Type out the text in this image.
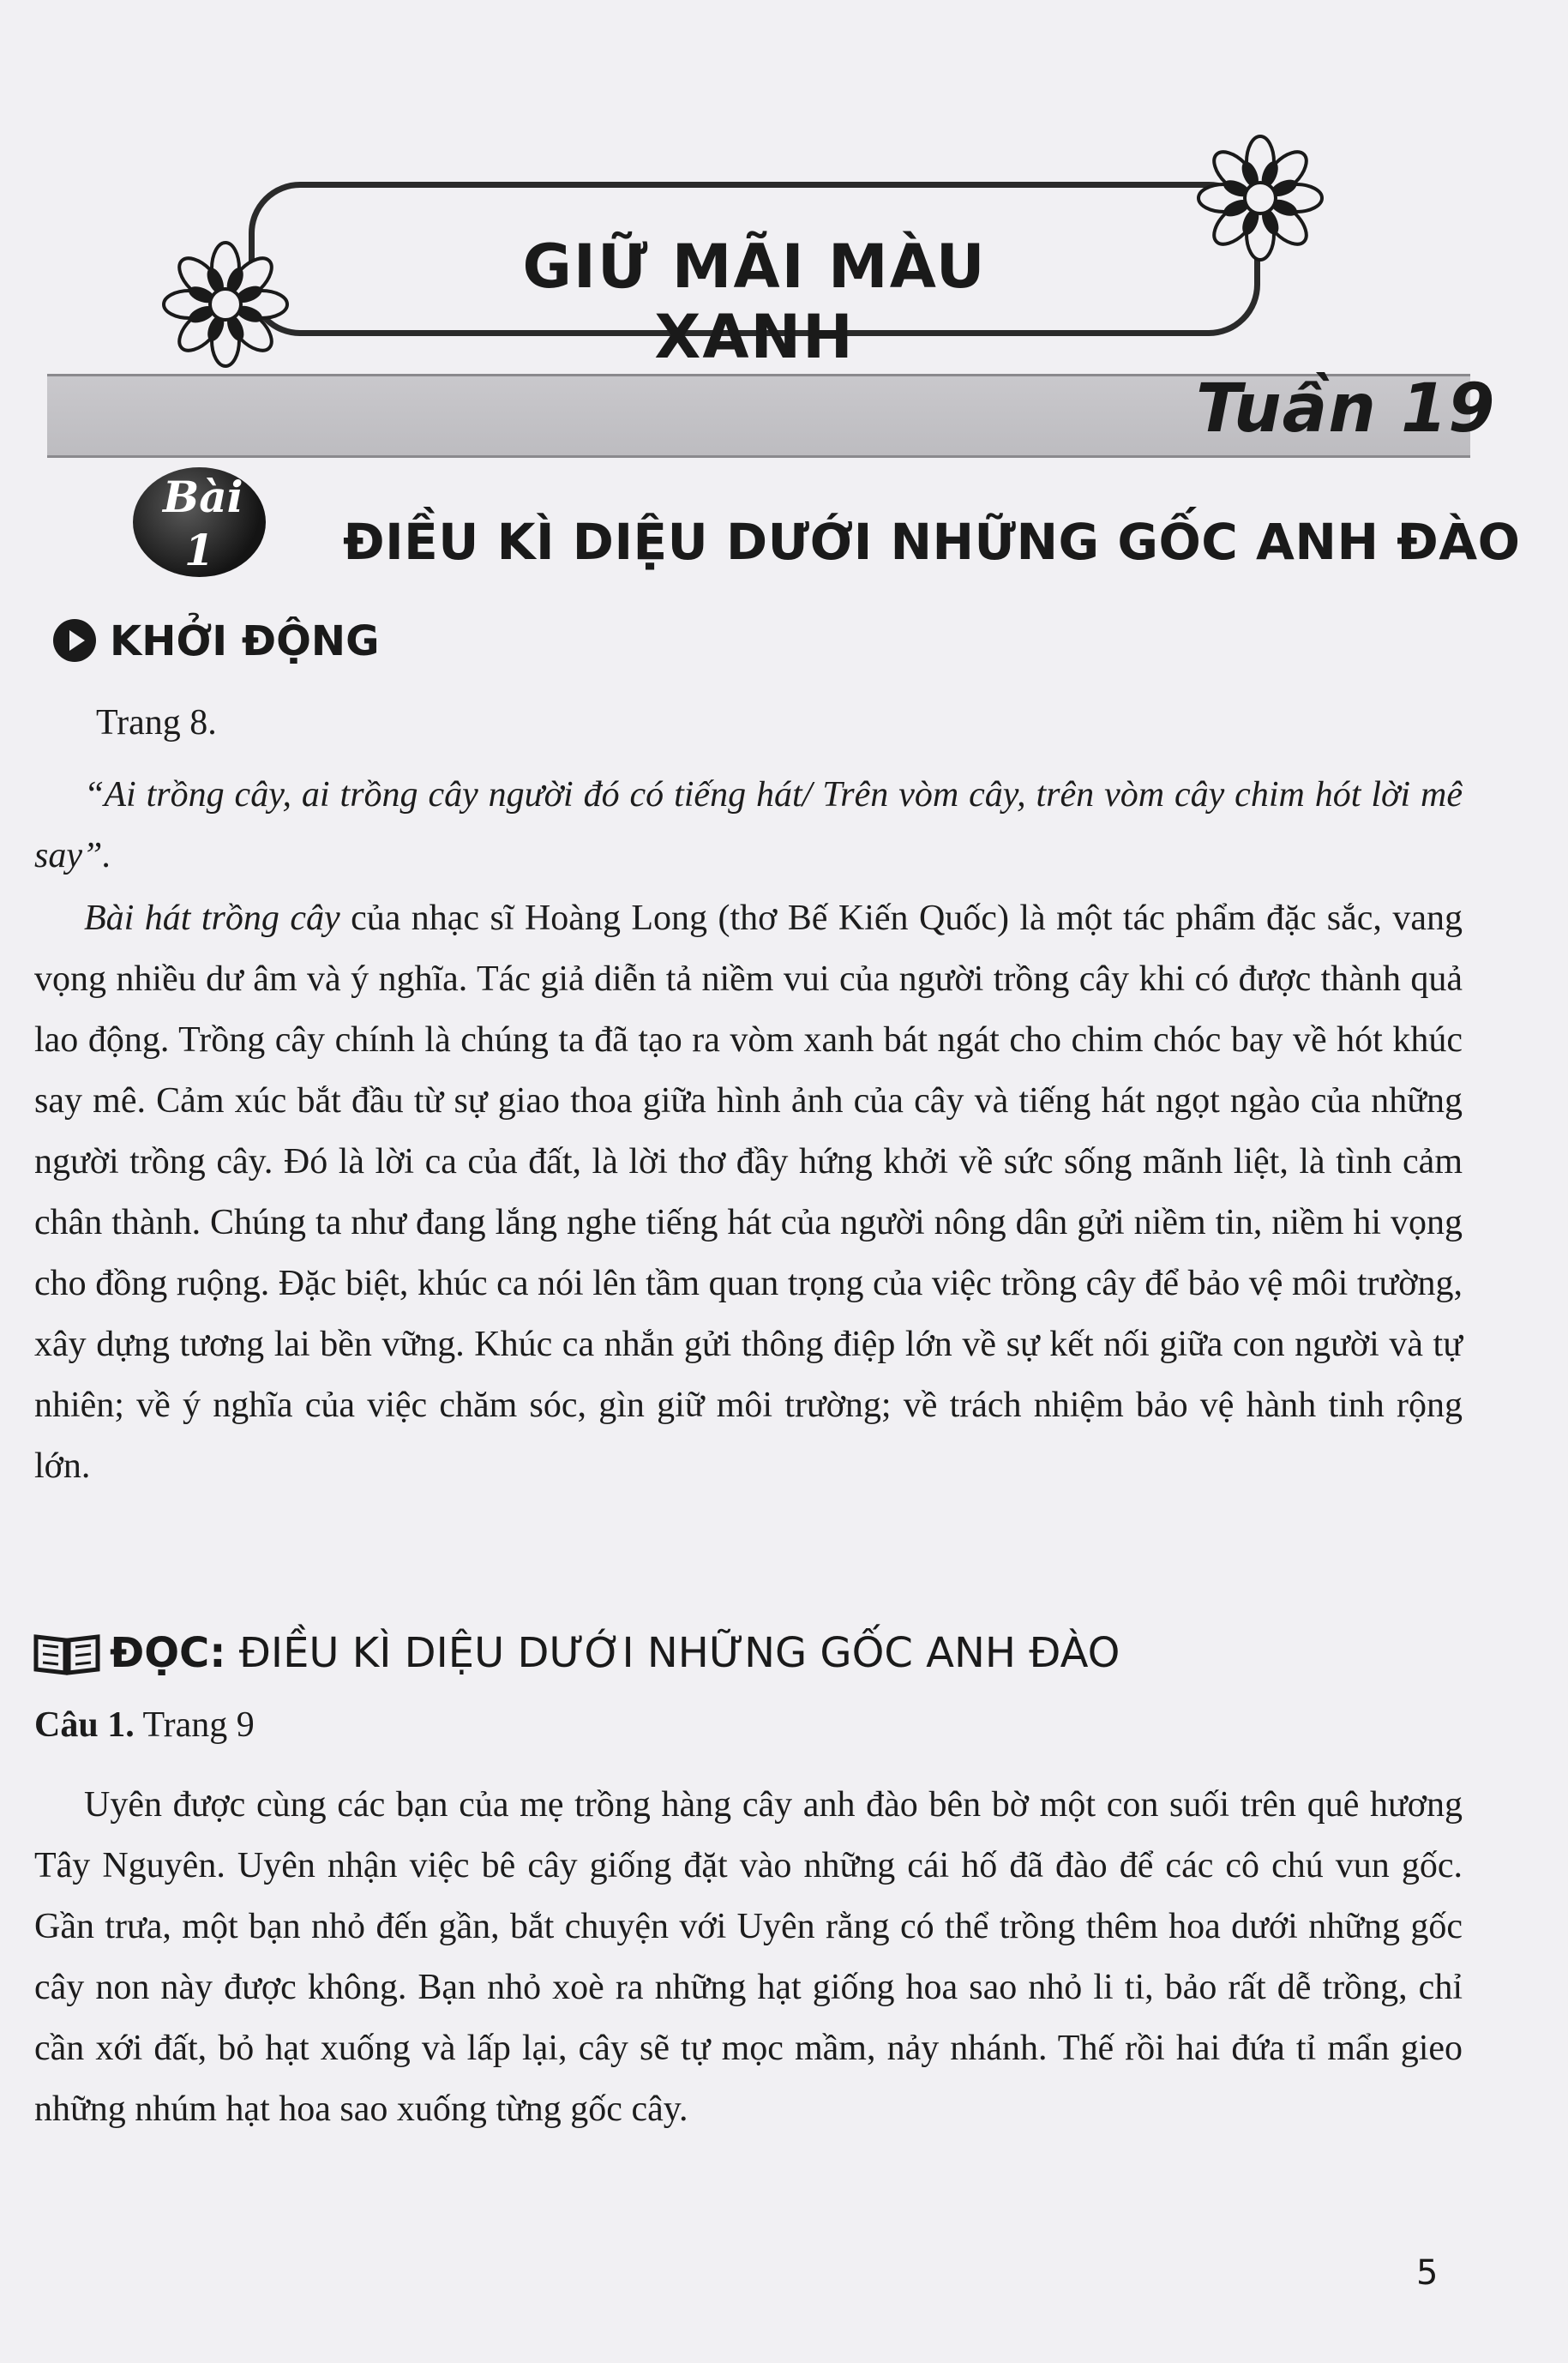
GIỮ MÃI MÀU XANH
Tuần 19
Bài
1	ĐIỀU KÌ DIỆU DƯỚI NHỮNG GỐC ANH ĐÀO
KHỞI ĐỘNG
Trang 8.
“Ai trồng cây, ai trồng cây người đó có tiếng hát/ Trên vòm cây, trên vòm cây chim hót lời mê say”.
Bài hát trồng cây của nhạc sĩ Hoàng Long (thơ Bế Kiến Quốc) là một tác phẩm đặc sắc, vang vọng nhiều dư âm và ý nghĩa. Tác giả diễn tả niềm vui của người trồng cây khi có được thành quả lao động. Trồng cây chính là chúng ta đã tạo ra vòm xanh bát ngát cho chim chóc bay về hót khúc say mê. Cảm xúc bắt đầu từ sự giao thoa giữa hình ảnh của cây và tiếng hát ngọt ngào của những người trồng cây. Đó là lời ca của đất, là lời thơ đầy hứng khởi về sức sống mãnh liệt, là tình cảm chân thành. Chúng ta như đang lắng nghe tiếng hát của người nông dân gửi niềm tin, niềm hi vọng cho đồng ruộng. Đặc biệt, khúc ca nói lên tầm quan trọng của việc trồng cây để bảo vệ môi trường, xây dựng tương lai bền vững. Khúc ca nhắn gửi thông điệp lớn về sự kết nối giữa con người và tự nhiên; về ý nghĩa của việc chăm sóc, gìn giữ môi trường; về trách nhiệm bảo vệ hành tinh rộng lớn.
ĐỌC: ĐIỀU KÌ DIỆU DƯỚI NHỮNG GỐC ANH ĐÀO
Câu 1. Trang 9
Uyên được cùng các bạn của mẹ trồng hàng cây anh đào bên bờ một con suối trên quê hương Tây Nguyên. Uyên nhận việc bê cây giống đặt vào những cái hố đã đào để các cô chú vun gốc. Gần trưa, một bạn nhỏ đến gần, bắt chuyện với Uyên rằng có thể trồng thêm hoa dưới những gốc cây non này được không. Bạn nhỏ xoè ra những hạt giống hoa sao nhỏ li ti, bảo rất dễ trồng, chỉ cần xới đất, bỏ hạt xuống và lấp lại, cây sẽ tự mọc mầm, nảy nhánh. Thế rồi hai đứa tỉ mẩn gieo những nhúm hạt hoa sao xuống từng gốc cây.
5
